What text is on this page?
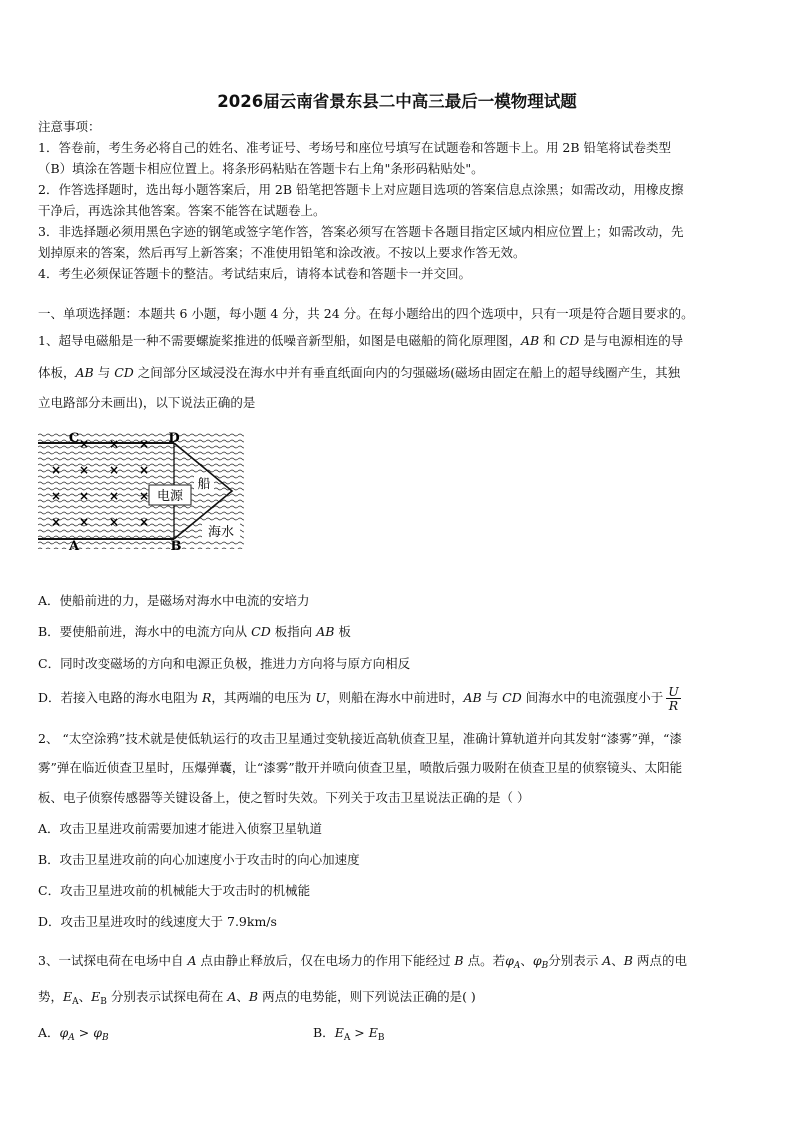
2026届云南省景东县二中高三最后一模物理试题
注意事项：
1．答卷前，考生务必将自己的姓名、准考证号、考场号和座位号填写在试题卷和答题卡上。用 2B 铅笔将试卷类型
（B）填涂在答题卡相应位置上。将条形码粘贴在答题卡右上角"条形码粘贴处"。
2．作答选择题时，选出每小题答案后，用 2B 铅笔把答题卡上对应题目选项的答案信息点涂黑；如需改动，用橡皮擦
干净后，再选涂其他答案。答案不能答在试题卷上。
3．非选择题必须用黑色字迹的钢笔或签字笔作答，答案必须写在答题卡各题目指定区域内相应位置上；如需改动，先
划掉原来的答案，然后再写上新答案；不准使用铅笔和涂改液。不按以上要求作答无效。
4．考生必须保证答题卡的整洁。考试结束后，请将本试卷和答题卡一并交回。
一、单项选择题：本题共 6 小题，每小题 4 分，共 24 分。在每小题给出的四个选项中，只有一项是符合题目要求的。
1、超导电磁船是一种不需要螺旋桨推进的低噪音新型船，如图是电磁船的简化原理图，AB 和 CD 是与电源相连的导
体板，AB 与 CD 之间部分区域浸没在海水中并有垂直纸面向内的匀强磁场(磁场由固定在船上的超导线圈产生，其独
立电路部分未画出)，以下说法正确的是
电源
海水
船
× × ×
× × × ×
× × × ×
× × × ×
C	D
A	B
A．使船前进的力，是磁场对海水中电流的安培力
B．要使船前进，海水中的电流方向从 CD 板指向 AB 板
C．同时改变磁场的方向和电源正负极，推进力方向将与原方向相反
D．若接入电路的海水电阻为 R，其两端的电压为 U，则船在海水中前进时，AB 与 CD 间海水中的电流强度小于 $\frac{U}{R}$
2、 “太空涂鸦”技术就是使低轨运行的攻击卫星通过变轨接近高轨侦查卫星，准确计算轨道并向其发射“漆雾”弹，“漆
雾”弹在临近侦查卫星时，压爆弹囊，让“漆雾”散开并喷向侦查卫星，喷散后强力吸附在侦查卫星的侦察镜头、太阳能
板、电子侦察传感器等关键设备上，使之暂时失效。下列关于攻击卫星说法正确的是（ ）
A．攻击卫星进攻前需要加速才能进入侦察卫星轨道
B．攻击卫星进攻前的向心加速度小于攻击时的向心加速度
C．攻击卫星进攻前的机械能大于攻击时的机械能
D．攻击卫星进攻时的线速度大于 7.9km/s
3、一试探电荷在电场中自 A 点由静止释放后，仅在电场力的作用下能经过 B 点。若$\varphi_A$、$\varphi_B$分别表示 A、B 两点的电
势，$E_A$、$E_B$ 分别表示试探电荷在 A、B 两点的电势能，则下列说法正确的是( )
A．$\varphi_A > \varphi_B$	B．$E_A > E_B$
